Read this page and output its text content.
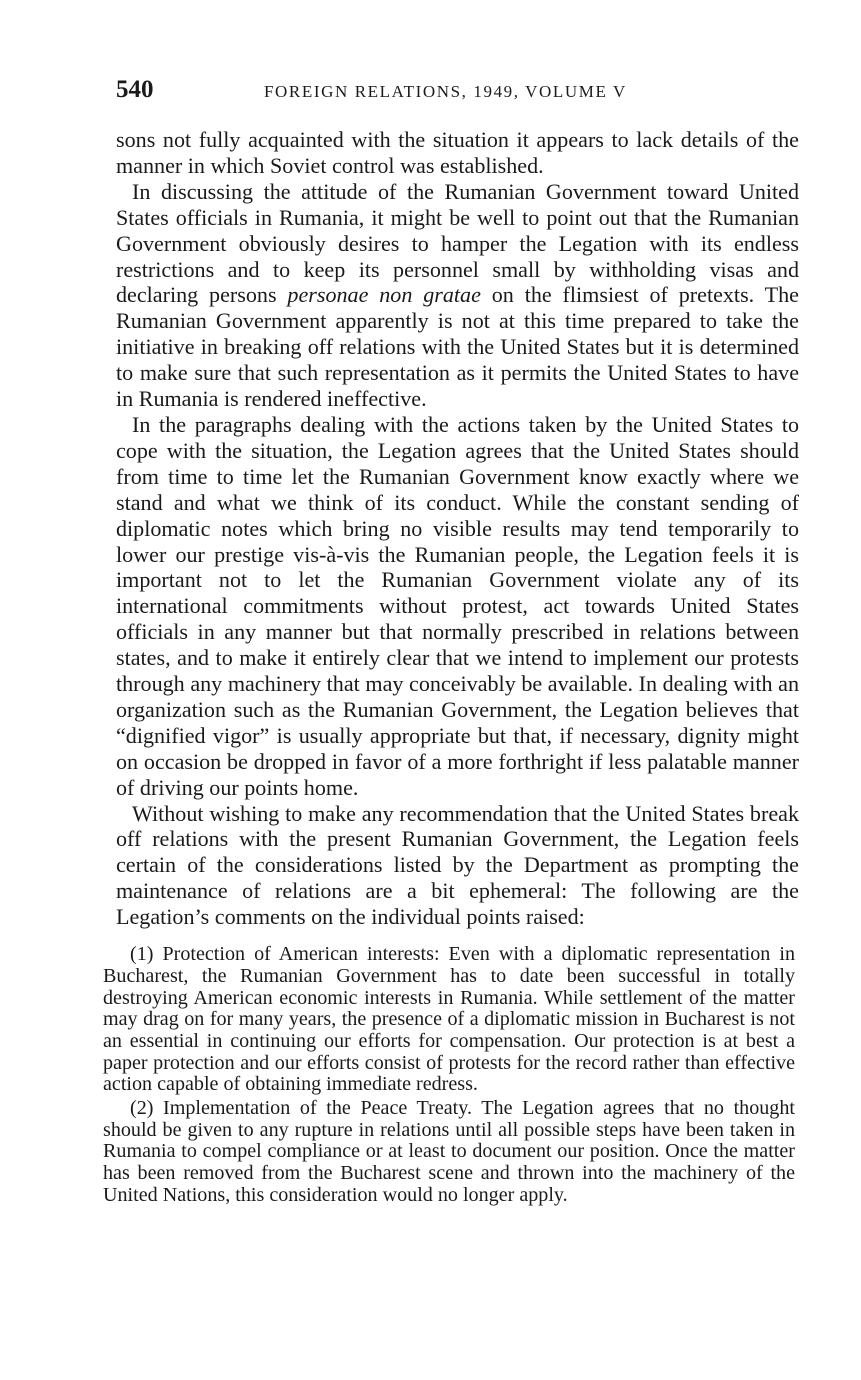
540	FOREIGN RELATIONS, 1949, VOLUME V

sons not fully acquainted with the situation it appears to lack details of the manner in which Soviet control was established.

In discussing the attitude of the Rumanian Government toward United States officials in Rumania, it might be well to point out that the Rumanian Government obviously desires to hamper the Legation with its endless restrictions and to keep its personnel small by withholding visas and declaring persons personae non gratae on the flimsiest of pretexts. The Rumanian Government apparently is not at this time prepared to take the initiative in breaking off relations with the United States but it is determined to make sure that such representation as it permits the United States to have in Rumania is rendered ineffective.

In the paragraphs dealing with the actions taken by the United States to cope with the situation, the Legation agrees that the United States should from time to time let the Rumanian Government know exactly where we stand and what we think of its conduct. While the constant sending of diplomatic notes which bring no visible results may tend temporarily to lower our prestige vis-à-vis the Rumanian people, the Legation feels it is important not to let the Rumanian Government violate any of its international commitments without protest, act towards United States officials in any manner but that normally prescribed in relations between states, and to make it entirely clear that we intend to implement our protests through any machinery that may conceivably be available. In dealing with an organization such as the Rumanian Government, the Legation believes that “dignified vigor” is usually appropriate but that, if necessary, dignity might on occasion be dropped in favor of a more forthright if less palatable manner of driving our points home.

Without wishing to make any recommendation that the United States break off relations with the present Rumanian Government, the Legation feels certain of the considerations listed by the Department as prompting the maintenance of relations are a bit ephemeral: The following are the Legation’s comments on the individual points raised:

(1) Protection of American interests: Even with a diplomatic representation in Bucharest, the Rumanian Government has to date been successful in totally destroying American economic interests in Rumania. While settlement of the matter may drag on for many years, the presence of a diplomatic mission in Bucharest is not an essential in continuing our efforts for compensation. Our protection is at best a paper protection and our efforts consist of protests for the record rather than effective action capable of obtaining immediate redress.

(2) Implementation of the Peace Treaty. The Legation agrees that no thought should be given to any rupture in relations until all possible steps have been taken in Rumania to compel compliance or at least to document our position. Once the matter has been removed from the Bucharest scene and thrown into the machinery of the United Nations, this consideration would no longer apply.
